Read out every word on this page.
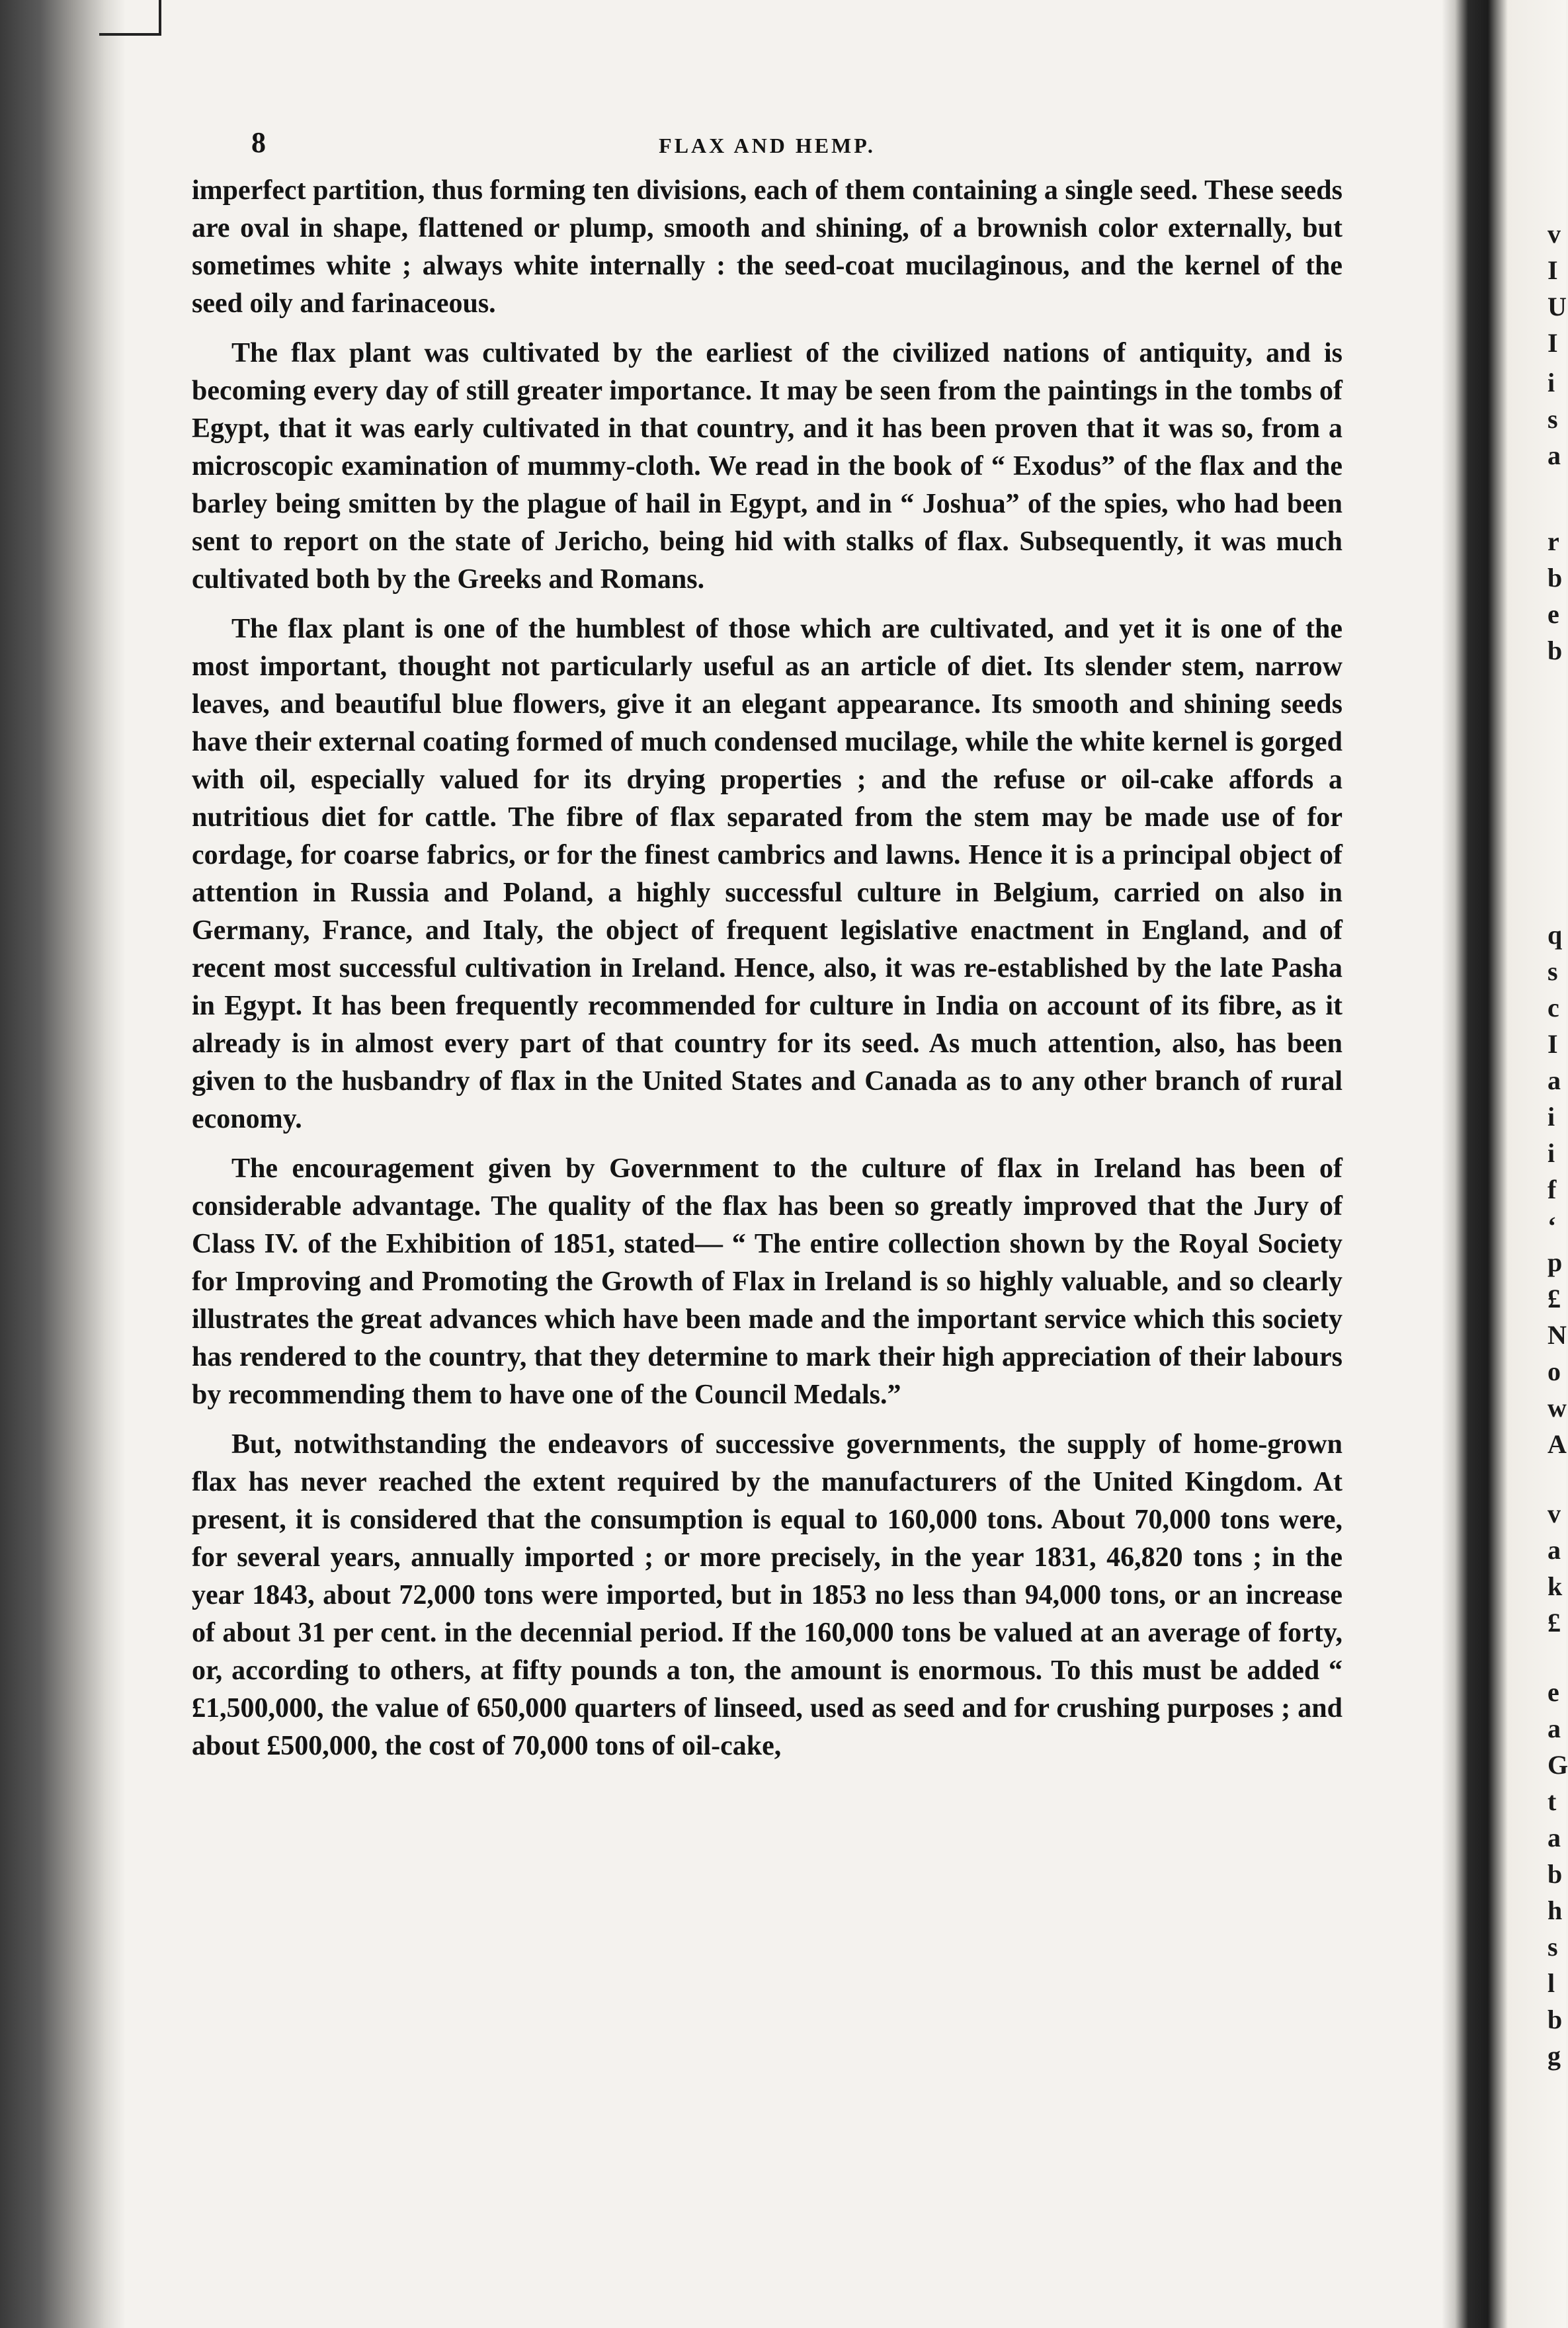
8	FLAX AND HEMP.

imperfect partition, thus forming ten divisions, each of them containing a single seed. These seeds are oval in shape, flattened or plump, smooth and shining, of a brownish color externally, but sometimes white ; always white internally : the seed-coat mucilaginous, and the kernel of the seed oily and farinaceous.

The flax plant was cultivated by the earliest of the civilized nations of antiquity, and is becoming every day of still greater importance. It may be seen from the paintings in the tombs of Egypt, that it was early cultivated in that country, and it has been proven that it was so, from a microscopic examination of mummy-cloth. We read in the book of “ Exodus” of the flax and the barley being smitten by the plague of hail in Egypt, and in “ Joshua” of the spies, who had been sent to report on the state of Jericho, being hid with stalks of flax. Subsequently, it was much cultivated both by the Greeks and Romans.

The flax plant is one of the humblest of those which are cultivated, and yet it is one of the most important, thought not particularly useful as an article of diet. Its slender stem, narrow leaves, and beautiful blue flowers, give it an elegant appearance. Its smooth and shining seeds have their external coating formed of much condensed mucilage, while the white kernel is gorged with oil, especially valued for its drying properties ; and the refuse or oil-cake affords a nutritious diet for cattle. The fibre of flax separated from the stem may be made use of for cordage, for coarse fabrics, or for the finest cambrics and lawns. Hence it is a principal object of attention in Russia and Poland, a highly successful culture in Belgium, carried on also in Germany, France, and Italy, the object of frequent legislative enactment in England, and of recent most successful cultivation in Ireland. Hence, also, it was re-established by the late Pasha in Egypt. It has been frequently recommended for culture in India on account of its fibre, as it already is in almost every part of that country for its seed. As much attention, also, has been given to the husbandry of flax in the United States and Canada as to any other branch of rural economy.

The encouragement given by Government to the culture of flax in Ireland has been of considerable advantage. The quality of the flax has been so greatly improved that the Jury of Class IV. of the Exhibition of 1851, stated— “ The entire collection shown by the Royal Society for Improving and Promoting the Growth of Flax in Ireland is so highly valuable, and so clearly illustrates the great advances which have been made and the important service which this society has rendered to the country, that they determine to mark their high appreciation of their labours by recommending them to have one of the Council Medals.”

But, notwithstanding the endeavors of successive governments, the supply of home-grown flax has never reached the extent required by the manufacturers of the United Kingdom. At present, it is considered that the consumption is equal to 160,000 tons. About 70,000 tons were, for several years, annually imported ; or more precisely, in the year 1831, 46,820 tons ; in the year 1843, about 72,000 tons were imported, but in 1853 no less than 94,000 tons, or an increase of about 31 per cent. in the decennial period. If the 160,000 tons be valued at an average of forty, or, according to others, at fifty pounds a ton, the amount is enormous. To this must be added “ £1,500,000, the value of 650,000 quarters of linseed, used as seed and for crushing purposes ; and about £500,000, the cost of 70,000 tons of oil-cake,

v
I
U
I
i
s
a
r
b
e
b
q
s
c
I
a
i
i
f
‘
p
£
N
o
w
A
v
a
k
£
e
a
G
t
a
b
h
s
l
b
g
